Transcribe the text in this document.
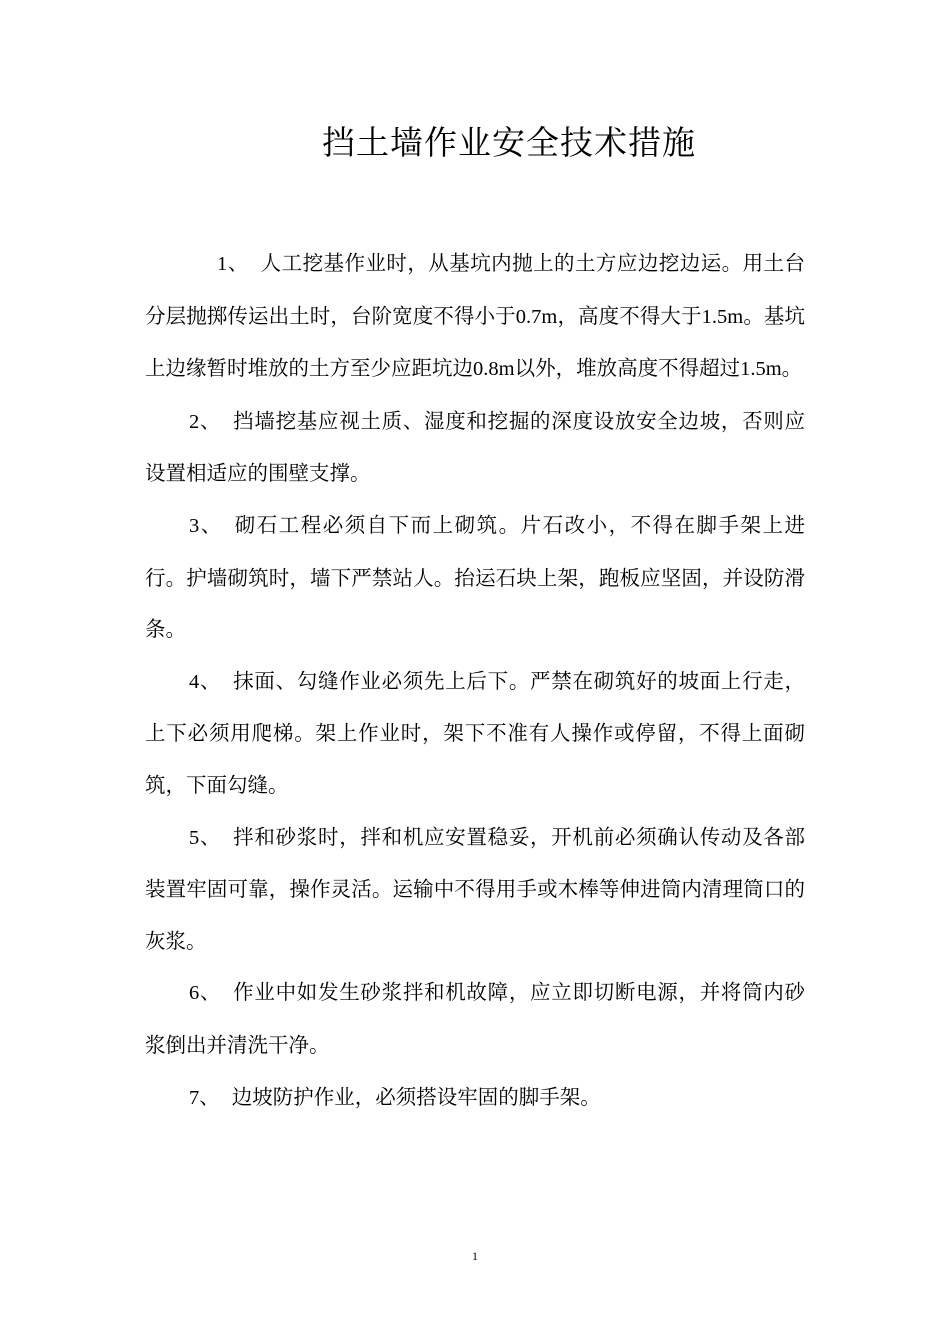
挡土墙作业安全技术措施

1、 人工挖基作业时，从基坑内抛上的土方应边挖边运。用土台分层抛掷传运出土时，台阶宽度不得小于0.7m，高度不得大于1.5m。基坑上边缘暂时堆放的土方至少应距坑边0.8m以外，堆放高度不得超过1.5m。

2、 挡墙挖基应视土质、湿度和挖掘的深度设放安全边坡，否则应设置相适应的围壁支撑。

3、 砌石工程必须自下而上砌筑。片石改小，不得在脚手架上进行。护墙砌筑时，墙下严禁站人。抬运石块上架，跑板应坚固，并设防滑条。

4、 抹面、勾缝作业必须先上后下。严禁在砌筑好的坡面上行走，上下必须用爬梯。架上作业时，架下不准有人操作或停留，不得上面砌筑，下面勾缝。

5、 拌和砂浆时，拌和机应安置稳妥，开机前必须确认传动及各部装置牢固可靠，操作灵活。运输中不得用手或木棒等伸进筒内清理筒口的灰浆。

6、 作业中如发生砂浆拌和机故障，应立即切断电源，并将筒内砂浆倒出并清洗干净。

7、 边坡防护作业，必须搭设牢固的脚手架。

1
